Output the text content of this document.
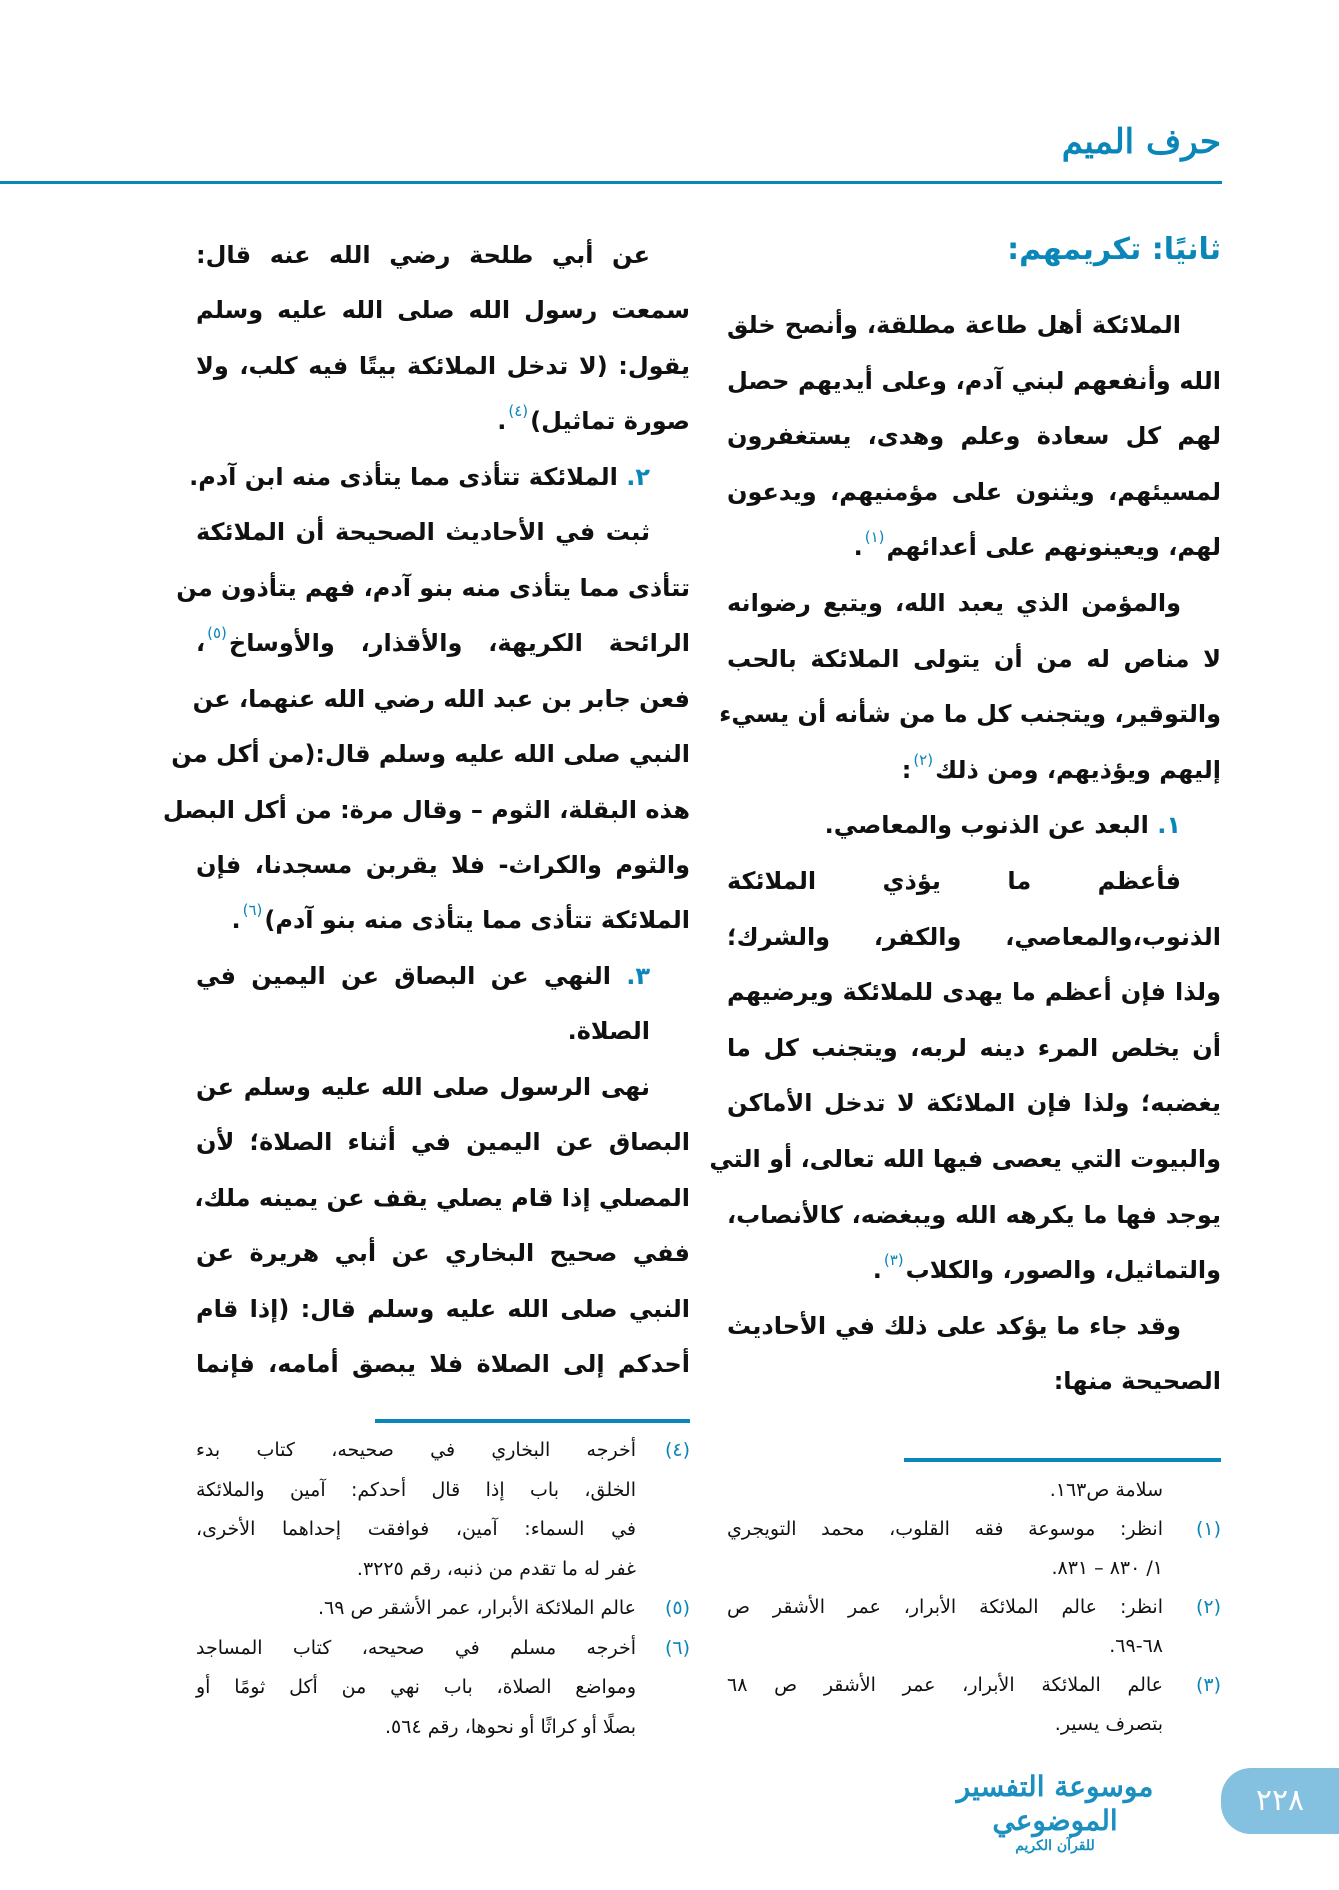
حرف الميم
ثانيًا: تكريمهم:
الملائكة أهل طاعة مطلقة، وأنصح خلق
الله وأنفعهم لبني آدم، وعلى أيديهم حصل
لهم كل سعادة وعلم وهدى، يستغفرون
لمسيئهم، ويثنون على مؤمنيهم، ويدعون
لهم، ويعينونهم على أعدائهم$^{(١)}$.
والمؤمن الذي يعبد الله، ويتبع رضوانه
لا مناص له من أن يتولى الملائكة بالحب
والتوقير، ويتجنب كل ما من شأنه أن يسيء
إليهم ويؤذيهم، ومن ذلك$^{(٢)}$:
١. البعد عن الذنوب والمعاصي.
فأعظم ما يؤذي الملائكة
الذنوب،والمعاصي، والكفر، والشرك؛
ولذا فإن أعظم ما يهدى للملائكة ويرضيهم
أن يخلص المرء دينه لربه، ويتجنب كل ما
يغضبه؛ ولذا فإن الملائكة لا تدخل الأماكن
والبيوت التي يعصى فيها الله تعالى، أو التي
يوجد فها ما يكرهه الله ويبغضه، كالأنصاب،
والتماثيل، والصور، والكلاب$^{(٣)}$.
وقد جاء ما يؤكد على ذلك في الأحاديث
الصحيحة منها:
عن أبي طلحة رضي الله عنه قال:
سمعت رسول الله صلى الله عليه وسلم
يقول: (لا تدخل الملائكة بيتًا فيه كلب، ولا
صورة تماثيل)$^{(٤)}$.
٢. الملائكة تتأذى مما يتأذى منه ابن آدم.
ثبت في الأحاديث الصحيحة أن الملائكة
تتأذى مما يتأذى منه بنو آدم، فهم يتأذون من
الرائحة الكريهة، والأقذار، والأوساخ$^{(٥)}$،
فعن جابر بن عبد الله رضي الله عنهما، عن
النبي صلى الله عليه وسلم قال:(من أكل من
هذه البقلة، الثوم – وقال مرة: من أكل البصل
والثوم والكراث- فلا يقربن مسجدنا، فإن
الملائكة تتأذى مما يتأذى منه بنو آدم)$^{(٦)}$.
٣. النهي عن البصاق عن اليمين في
الصلاة.
نهى الرسول صلى الله عليه وسلم عن
البصاق عن اليمين في أثناء الصلاة؛ لأن
المصلي إذا قام يصلي يقف عن يمينه ملك،
ففي صحيح البخاري عن أبي هريرة عن
النبي صلى الله عليه وسلم قال: (إذا قام
أحدكم إلى الصلاة فلا يبصق أمامه، فإنما
سلامة ص١٦٣.
(١)
انظر: موسوعة فقه القلوب، محمد التويجري
١/ ٨٣٠ – ٨٣١.
(٢)
انظر: عالم الملائكة الأبرار، عمر الأشقر ص
٦٨-٦٩.
(٣)
عالم الملائكة الأبرار، عمر الأشقر ص ٦٨
بتصرف يسير.
(٤)
أخرجه البخاري في صحيحه، كتاب بدء
الخلق، باب إذا قال أحدكم: آمين والملائكة
في السماء: آمين، فوافقت إحداهما الأخرى،
غفر له ما تقدم من ذنبه، رقم ٣٢٢٥.
(٥)
عالم الملائكة الأبرار، عمر الأشقر ص ٦٩.
(٦)
أخرجه مسلم في صحيحه، كتاب المساجد
ومواضع الصلاة، باب نهي من أكل ثومًا أو
بصلًا أو كراثًا أو نحوها، رقم ٥٦٤.
موسوعة التفسير الموضوعي
للقرآن الكريم
٢٢٨
